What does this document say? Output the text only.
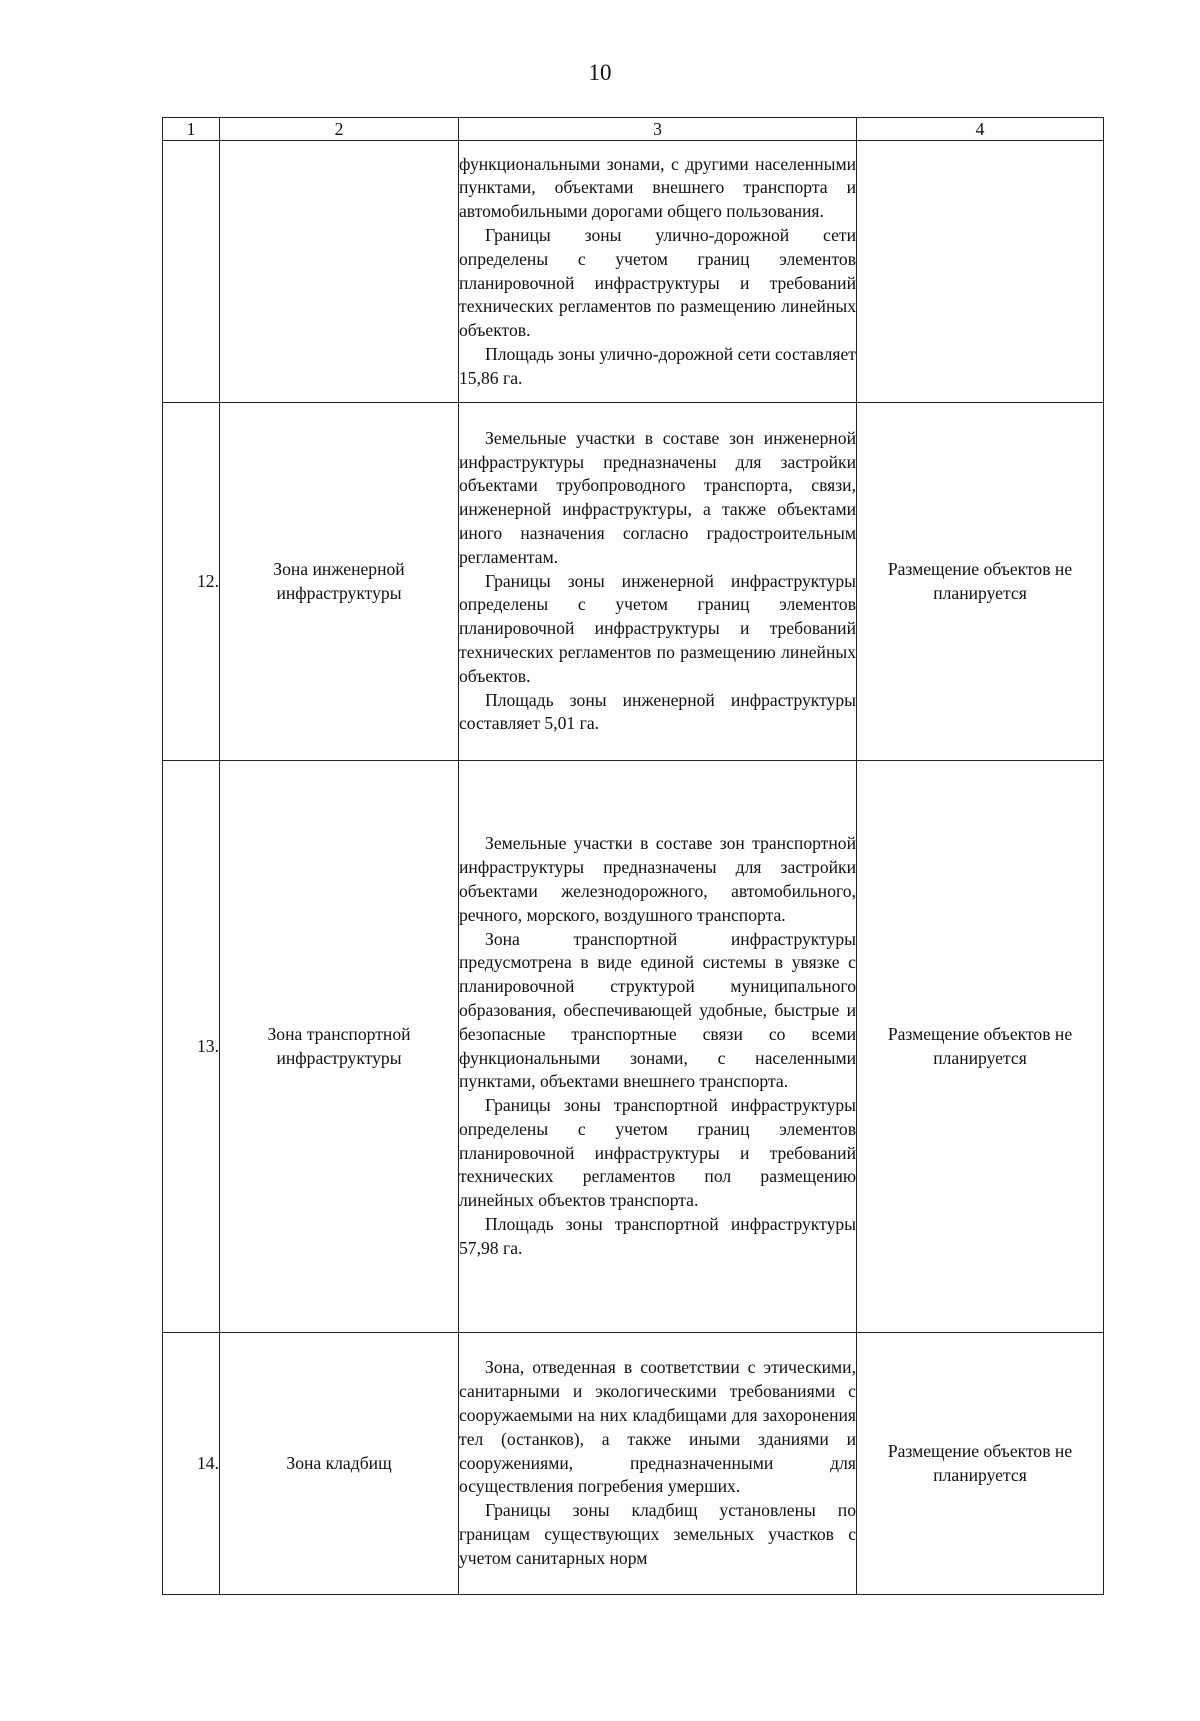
10
1	2	3	4

		функциональными зонами, с другими населенными пунктами, объектами внешнего транспорта и автомобильными дорогами общего пользования.

Границы зоны улично-дорожной сети определены с учетом границ элементов планировочной инфраструктуры и требований технических регламентов по размещению линейных объектов.

Площадь зоны улично-дорожной сети составляет 15,86 га.	

12.	Зона инженерной инфраструктуры	Земельные участки в составе зон инженерной инфраструктуры предназначены для застройки объектами трубопроводного транспорта, связи, инженерной инфраструктуры, а также объектами иного назначения согласно градостроительным регламентам.

Границы зоны инженерной инфраструктуры определены с учетом границ элементов планировочной инфраструктуры и требований технических регламентов по размещению линейных объектов.

Площадь зоны инженерной инфраструктуры составляет 5,01 га.	Размещение объектов не планируется
13.	Зона транспортной инфраструктуры	Земельные участки в составе зон транспортной инфраструктуры предназначены для застройки объектами железнодорожного, автомобильного, речного, морского, воздушного транспорта.

Зона транспортной инфраструктуры предусмотрена в виде единой системы в увязке с планировочной структурой муниципального образования, обеспечивающей удобные, быстрые и безопасные транспортные связи со всеми функциональными зонами, с населенными пунктами, объектами внешнего транспорта.

Границы зоны транспортной инфраструктуры определены с учетом границ элементов планировочной инфраструктуры и требований технических регламентов пол размещению линейных объектов транспорта.

Площадь зоны транспортной инфраструктуры 57,98 га.	Размещение объектов не планируется
14.	Зона кладбищ	Зона, отведенная в соответствии с этическими, санитарными и экологическими требованиями с сооружаемыми на них кладбищами для захоронения тел (останков), а также иными зданиями и сооружениями, предназначенными для осуществления погребения умерших.

Границы зоны кладбищ установлены по границам существующих земельных участков с учетом санитарных норм	Размещение объектов не планируется
